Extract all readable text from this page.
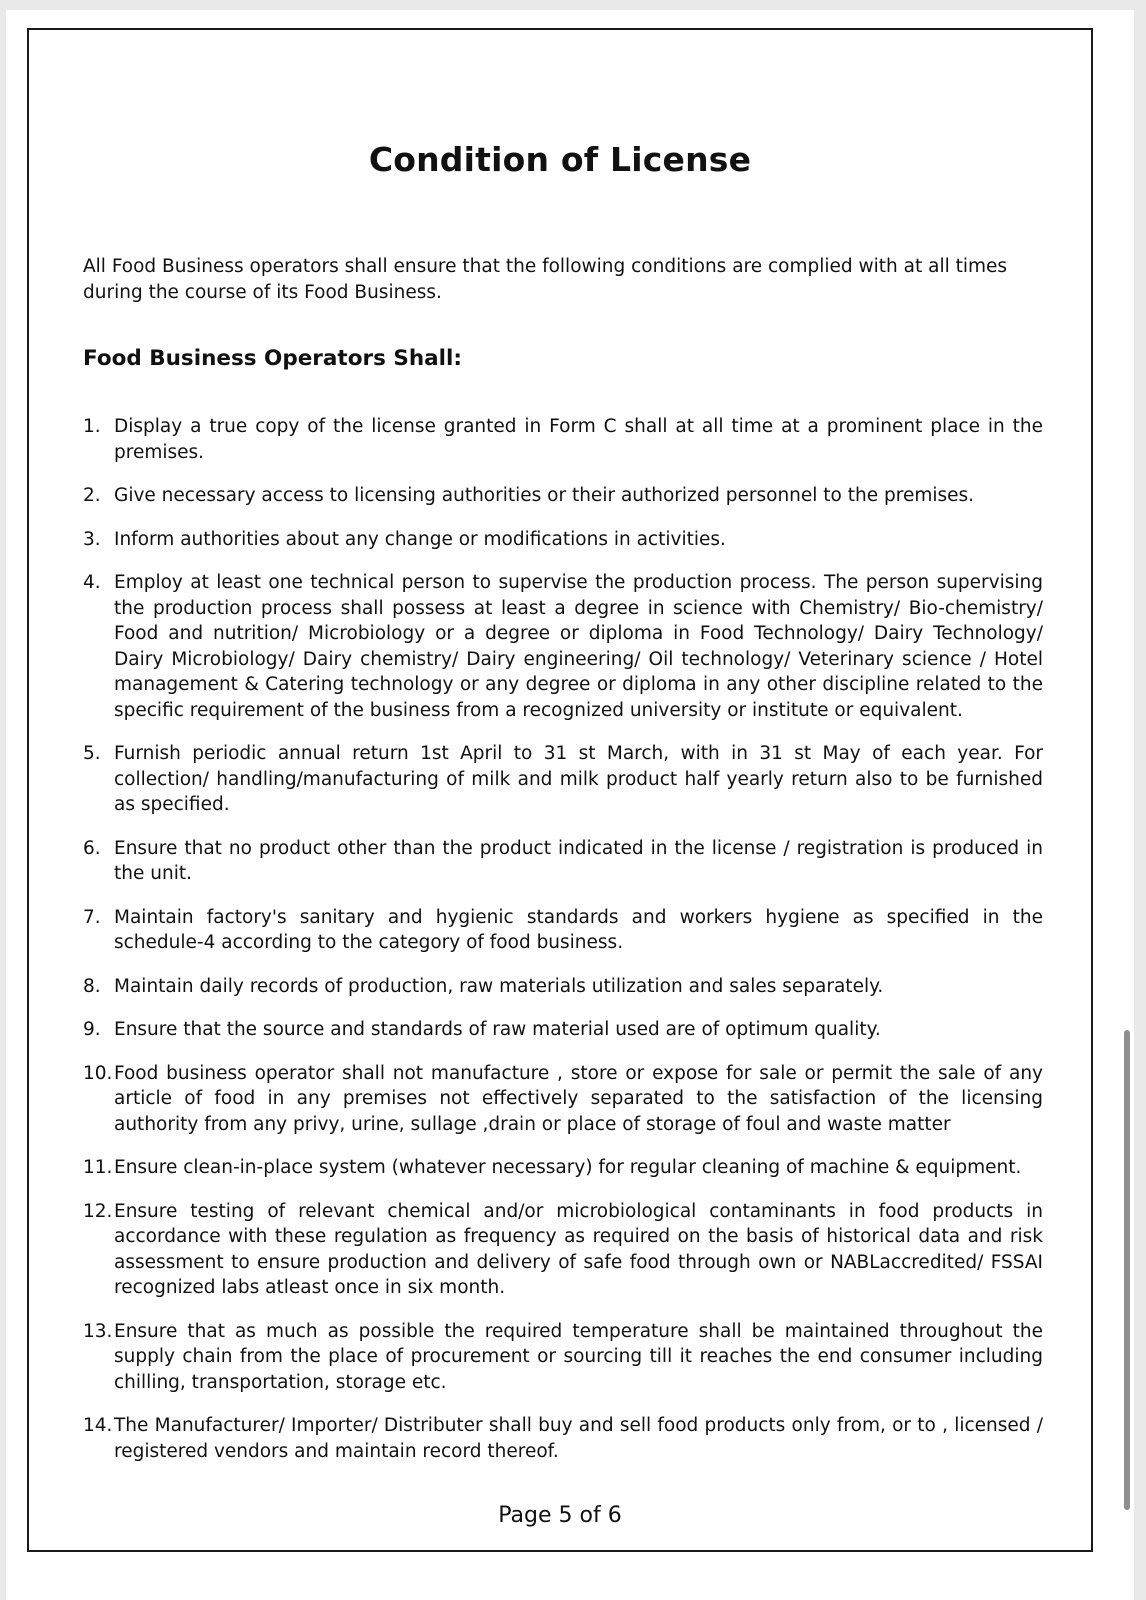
Condition of License

All Food Business operators shall ensure that the following conditions are complied with at all times during the course of its Food Business.

Food Business Operators Shall:
1. Display a true copy of the license granted in Form C shall at all time at a prominent place in the premises.
2. Give necessary access to licensing authorities or their authorized personnel to the premises.
3. Inform authorities about any change or modifications in activities.
4. Employ at least one technical person to supervise the production process. The person supervising the production process shall possess at least a degree in science with Chemistry/ Bio-chemistry/ Food and nutrition/ Microbiology or a degree or diploma in Food Technology/ Dairy Technology/ Dairy Microbiology/ Dairy chemistry/ Dairy engineering/ Oil technology/ Veterinary science / Hotel management & Catering technology or any degree or diploma in any other discipline related to the specific requirement of the business from a recognized university or institute or equivalent.
5. Furnish periodic annual return 1st April to 31 st March, with in 31 st May of each year. For collection/ handling/manufacturing of milk and milk product half yearly return also to be furnished as specified.
6. Ensure that no product other than the product indicated in the license / registration is produced in the unit.
7. Maintain factory's sanitary and hygienic standards and workers hygiene as specified in the schedule-4 according to the category of food business.
8. Maintain daily records of production, raw materials utilization and sales separately.
9. Ensure that the source and standards of raw material used are of optimum quality.
10. Food business operator shall not manufacture , store or expose for sale or permit the sale of any article of food in any premises not effectively separated to the satisfaction of the licensing authority from any privy, urine, sullage ,drain or place of storage of foul and waste matter
11. Ensure clean-in-place system (whatever necessary) for regular cleaning of machine & equipment.
12. Ensure testing of relevant chemical and/or microbiological contaminants in food products in accordance with these regulation as frequency as required on the basis of historical data and risk assessment to ensure production and delivery of safe food through own or NABLaccredited/ FSSAI recognized labs atleast once in six month.
13. Ensure that as much as possible the required temperature shall be maintained throughout the supply chain from the place of procurement or sourcing till it reaches the end consumer including chilling, transportation, storage etc.
14. The Manufacturer/ Importer/ Distributer shall buy and sell food products only from, or to , licensed / registered vendors and maintain record thereof.

Page 5 of 6
